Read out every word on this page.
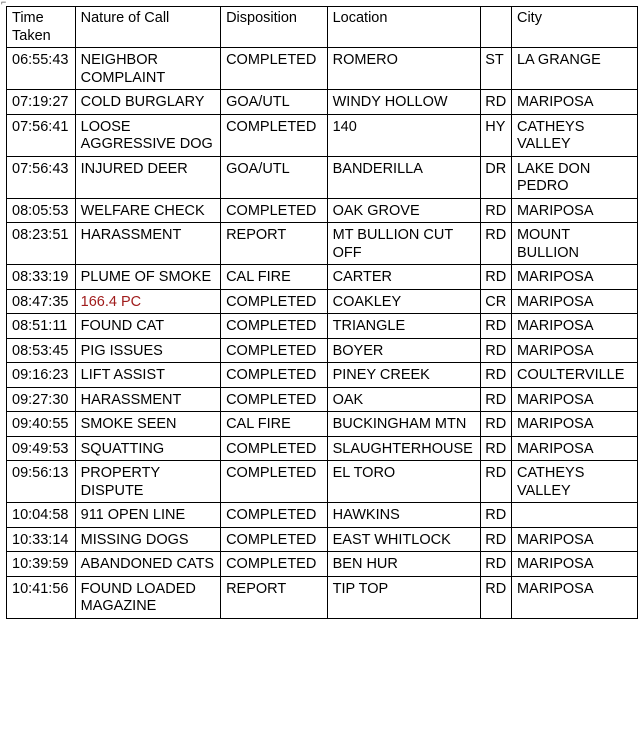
⌐
Time Taken	Nature of Call	Disposition	Location		City
06:55:43	NEIGHBOR COMPLAINT	COMPLETED	ROMERO	ST	LA GRANGE
07:19:27	COLD BURGLARY	GOA/UTL	WINDY HOLLOW	RD	MARIPOSA
07:56:41	LOOSE AGGRESSIVE DOG	COMPLETED	140	HY	CATHEYS VALLEY
07:56:43	INJURED DEER	GOA/UTL	BANDERILLA	DR	LAKE DON PEDRO
08:05:53	WELFARE CHECK	COMPLETED	OAK GROVE	RD	MARIPOSA
08:23:51	HARASSMENT	REPORT	MT BULLION CUT OFF	RD	MOUNT BULLION
08:33:19	PLUME OF SMOKE	CAL FIRE	CARTER	RD	MARIPOSA
08:47:35	166.4 PC	COMPLETED	COAKLEY	CR	MARIPOSA
08:51:11	FOUND CAT	COMPLETED	TRIANGLE	RD	MARIPOSA
08:53:45	PIG ISSUES	COMPLETED	BOYER	RD	MARIPOSA
09:16:23	LIFT ASSIST	COMPLETED	PINEY CREEK	RD	COULTERVILLE
09:27:30	HARASSMENT	COMPLETED	OAK	RD	MARIPOSA
09:40:55	SMOKE SEEN	CAL FIRE	BUCKINGHAM MTN	RD	MARIPOSA
09:49:53	SQUATTING	COMPLETED	SLAUGHTERHOUSE	RD	MARIPOSA
09:56:13	PROPERTY DISPUTE	COMPLETED	EL TORO	RD	CATHEYS VALLEY
10:04:58	911 OPEN LINE	COMPLETED	HAWKINS	RD	
10:33:14	MISSING DOGS	COMPLETED	EAST WHITLOCK	RD	MARIPOSA
10:39:59	ABANDONED CATS	COMPLETED	BEN HUR	RD	MARIPOSA
10:41:56	FOUND LOADED MAGAZINE	REPORT	TIP TOP	RD	MARIPOSA
